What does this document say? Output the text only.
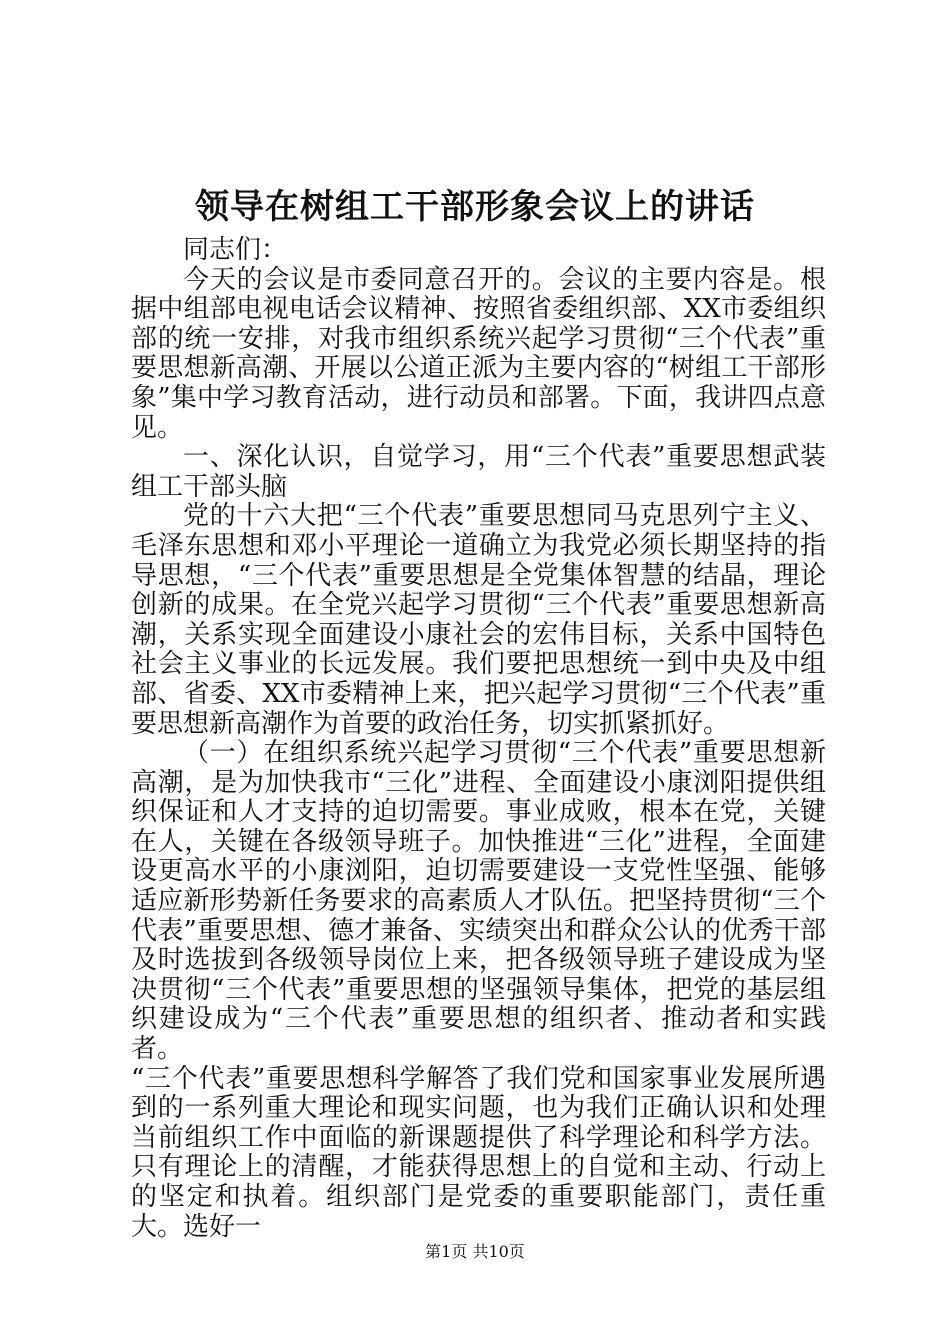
领导在树组工干部形象会议上的讲话

同志们：

今天的会议是市委同意召开的。会议的主要内容是。根据中组部电视电话会议精神、按照省委组织部、XX市委组织部的统一安排，对我市组织系统兴起学习贯彻“三个代表”重要思想新高潮、开展以公道正派为主要内容的“树组工干部形象”集中学习教育活动，进行动员和部署。下面，我讲四点意见。

一、深化认识，自觉学习，用“三个代表”重要思想武装组工干部头脑

党的十六大把“三个代表”重要思想同马克思列宁主义、毛泽东思想和邓小平理论一道确立为我党必须长期坚持的指导思想，“三个代表”重要思想是全党集体智慧的结晶，理论创新的成果。在全党兴起学习贯彻“三个代表”重要思想新高潮，关系实现全面建设小康社会的宏伟目标，关系中国特色社会主义事业的长远发展。我们要把思想统一到中央及中组部、省委、XX市委精神上来，把兴起学习贯彻“三个代表”重要思想新高潮作为首要的政治任务，切实抓紧抓好。

（一）在组织系统兴起学习贯彻“三个代表”重要思想新高潮，是为加快我市“三化”进程、全面建设小康浏阳提供组织保证和人才支持的迫切需要。事业成败，根本在党，关键在人，关键在各级领导班子。加快推进“三化”进程，全面建设更高水平的小康浏阳，迫切需要建设一支党性坚强、能够适应新形势新任务要求的高素质人才队伍。把坚持贯彻“三个代表”重要思想、德才兼备、实绩突出和群众公认的优秀干部及时选拔到各级领导岗位上来，把各级领导班子建设成为坚决贯彻“三个代表”重要思想的坚强领导集体，把党的基层组织建设成为“三个代表”重要思想的组织者、推动者和实践者。

“三个代表”重要思想科学解答了我们党和国家事业发展所遇到的一系列重大理论和现实问题，也为我们正确认识和处理当前组织工作中面临的新课题提供了科学理论和科学方法。只有理论上的清醒，才能获得思想上的自觉和主动、行动上的坚定和执着。组织部门是党委的重要职能部门，责任重大。选好一

第1页 共10页
